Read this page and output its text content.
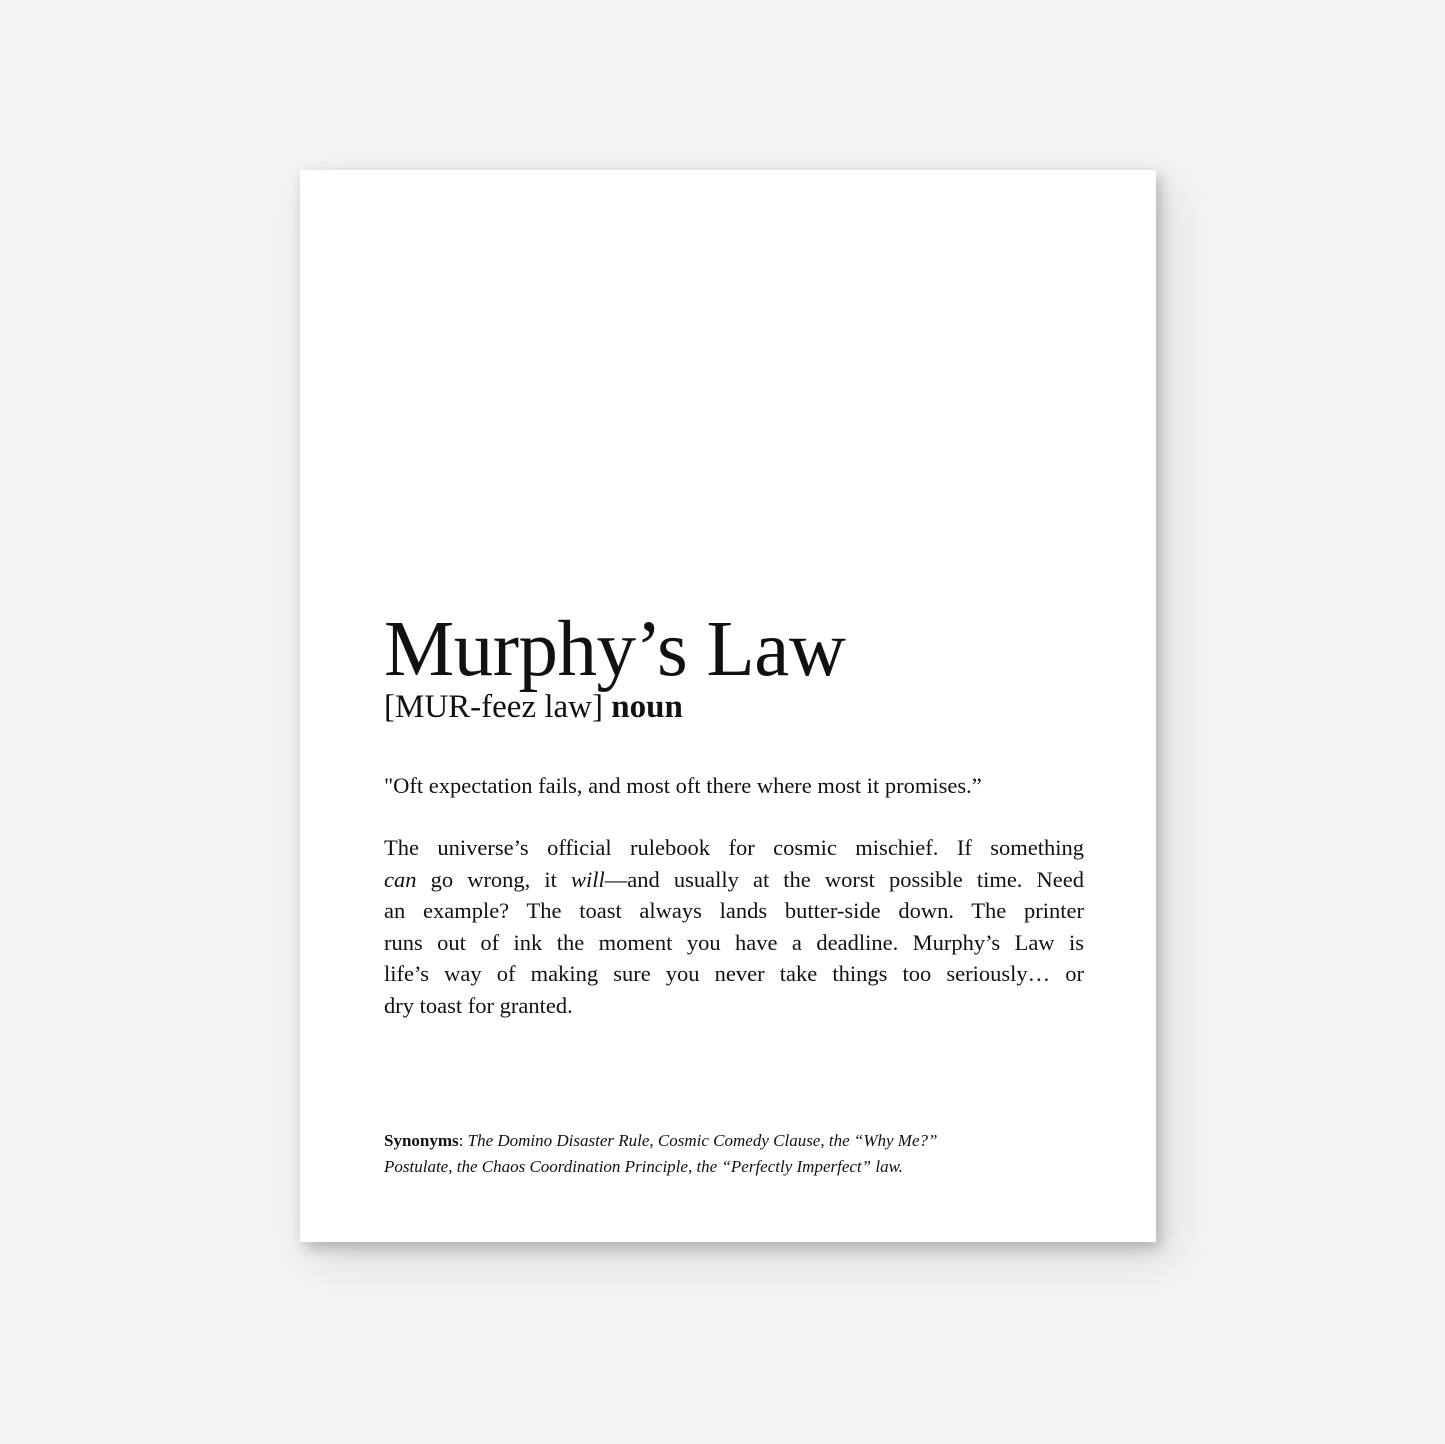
Murphy’s Law
[MUR-feez law] noun
"Oft expectation fails, and most oft there where most it promises.”
The universe’s official rulebook for cosmic mischief. If something
can go wrong, it will—and usually at the worst possible time. Need
an example? The toast always lands butter-side down. The printer
runs out of ink the moment you have a deadline. Murphy’s Law is
life’s way of making sure you never take things too seriously… or
dry toast for granted.
Synonyms: The Domino Disaster Rule, Cosmic Comedy Clause, the “Why Me?”
Postulate, the Chaos Coordination Principle, the “Perfectly Imperfect” law.
